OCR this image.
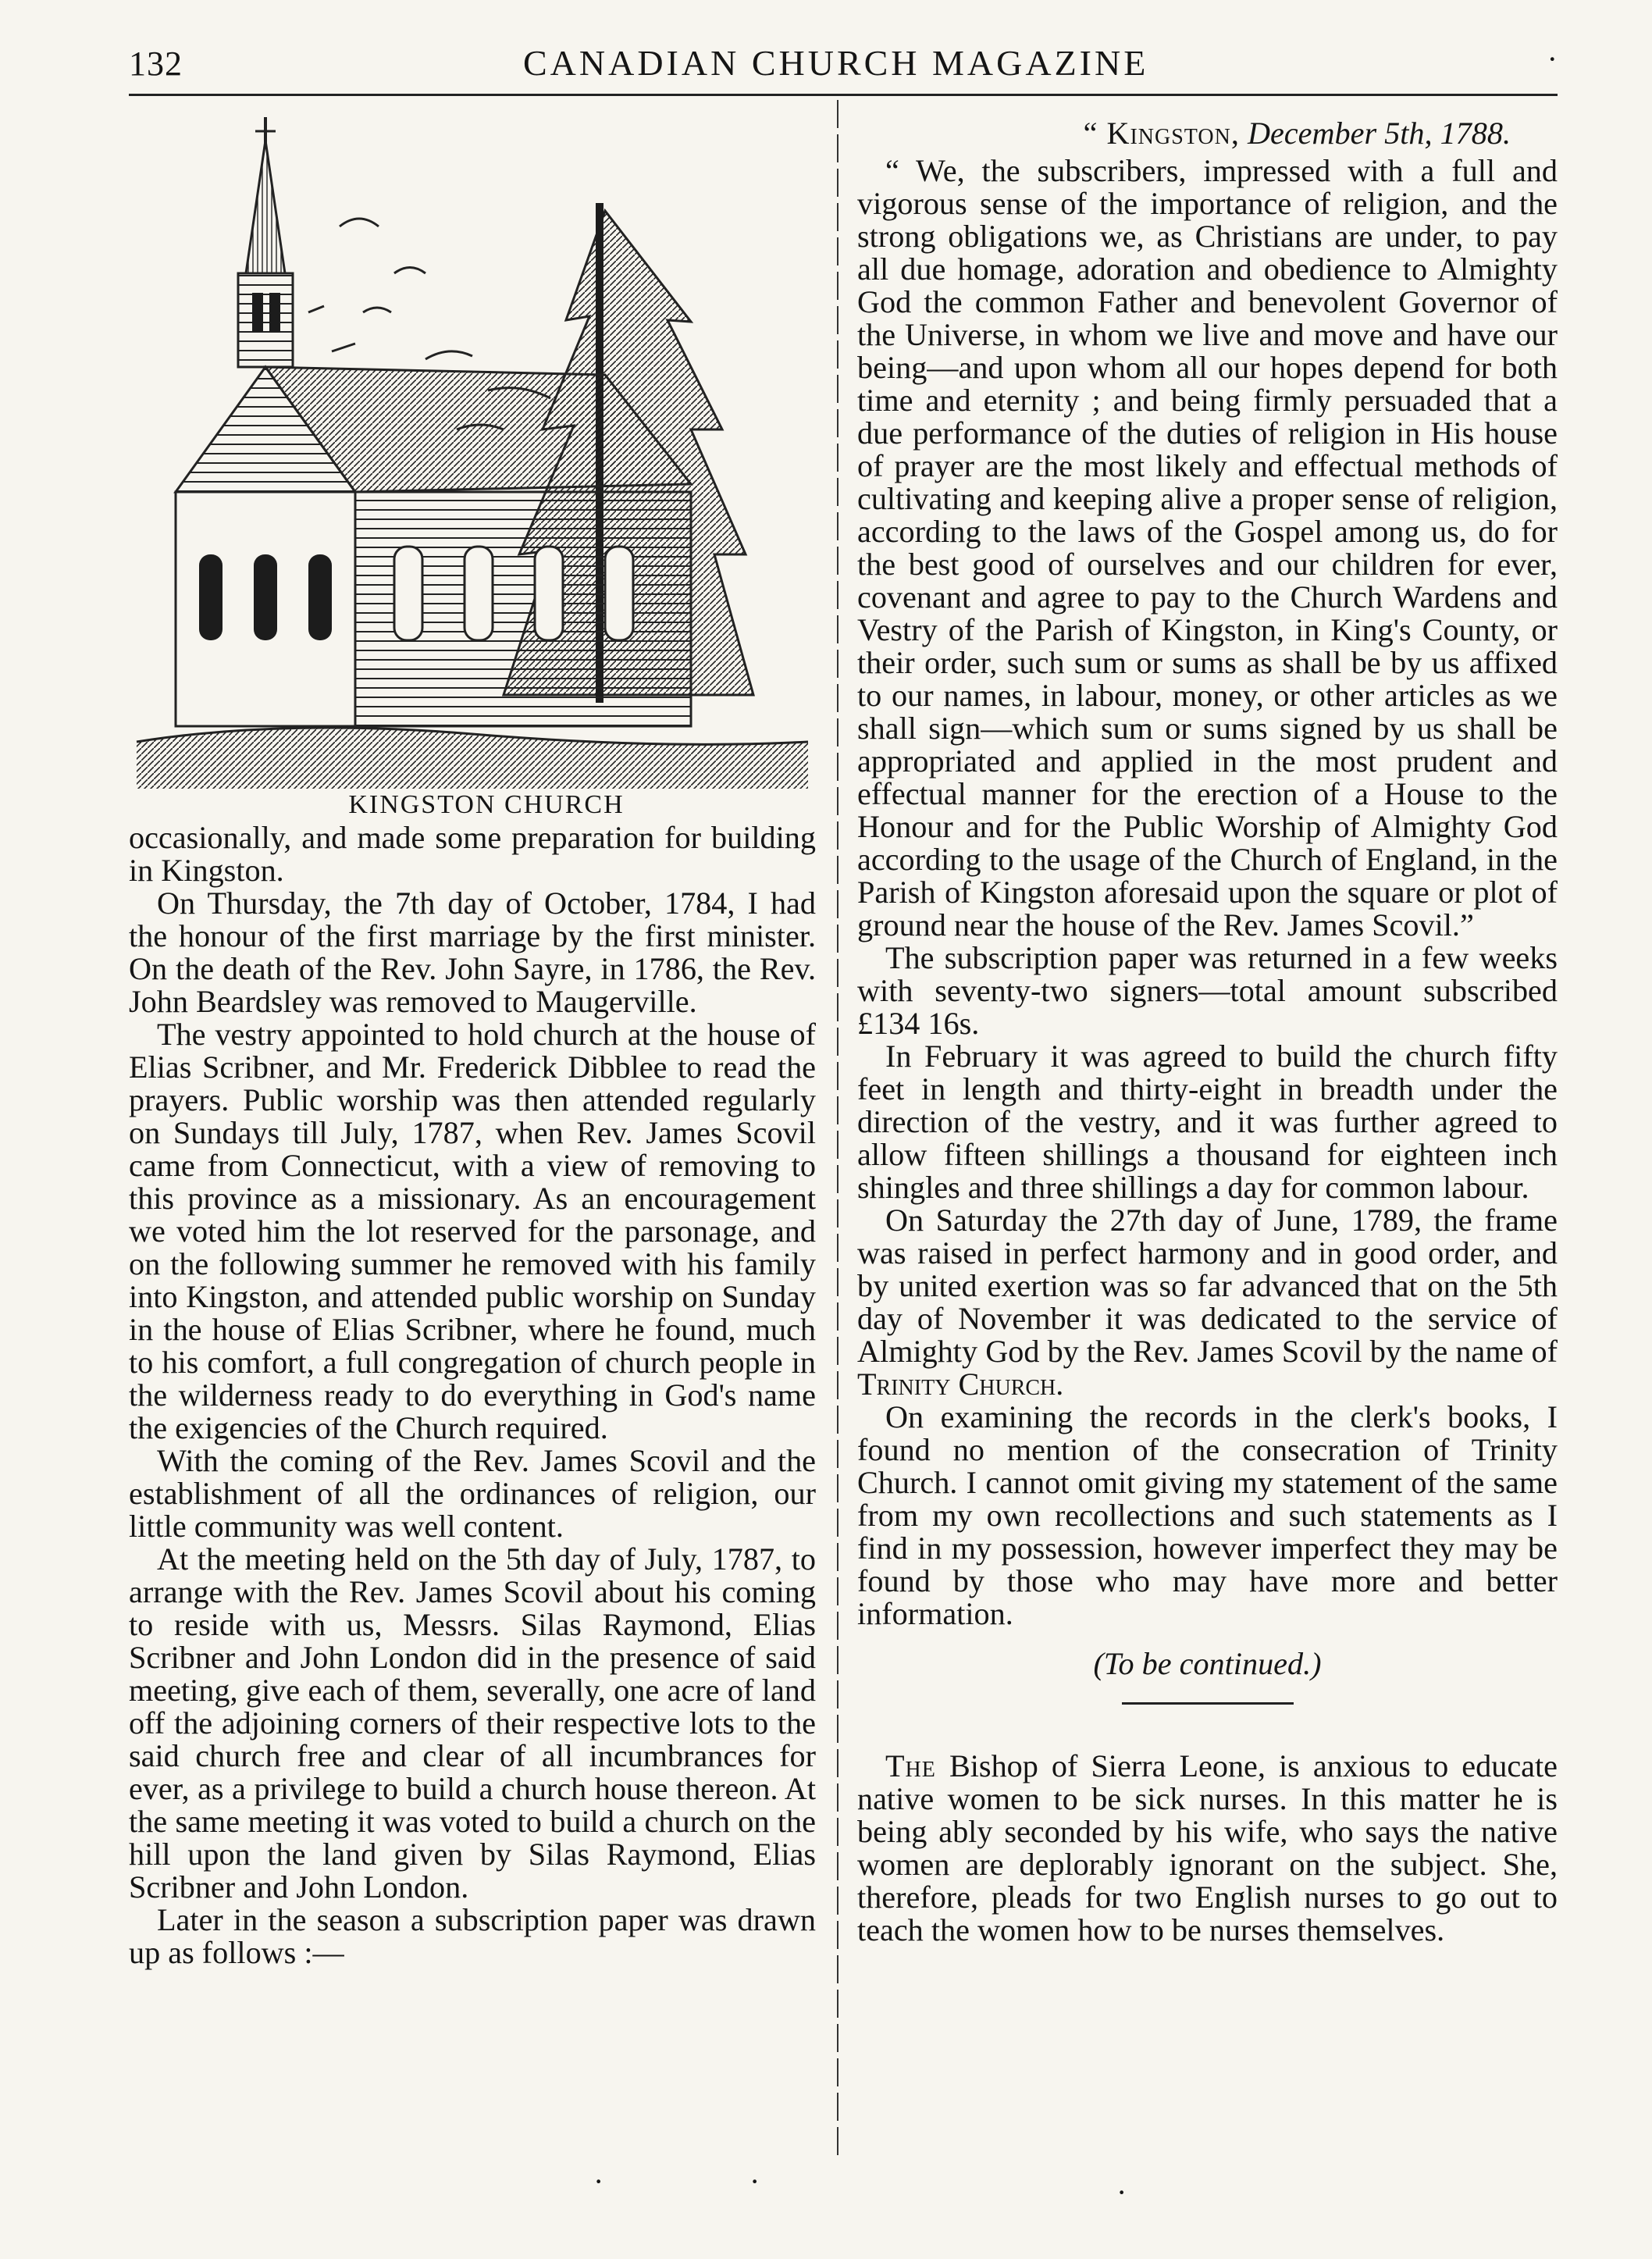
132	CANADIAN CHURCH MAGAZINE	·

KINGSTON CHURCH

occasionally, and made some preparation for building in Kingston.

On Thursday, the 7th day of October, 1784, I had the honour of the first marriage by the first minister. On the death of the Rev. John Sayre, in 1786, the Rev. John Beardsley was removed to Maugerville.

The vestry appointed to hold church at the house of Elias Scribner, and Mr. Frederick Dibblee to read the prayers. Public worship was then attended regularly on Sundays till July, 1787, when Rev. James Scovil came from Connecticut, with a view of removing to this province as a missionary. As an encouragement we voted him the lot reserved for the parsonage, and on the following summer he removed with his family into Kingston, and attended public worship on Sunday in the house of Elias Scribner, where he found, much to his comfort, a full congregation of church people in the wilderness ready to do everything in God's name the exigencies of the Church required.

With the coming of the Rev. James Scovil and the establishment of all the ordinances of religion, our little community was well content.

At the meeting held on the 5th day of July, 1787, to arrange with the Rev. James Scovil about his coming to reside with us, Messrs. Silas Raymond, Elias Scribner and John London did in the presence of said meeting, give each of them, severally, one acre of land off the adjoining corners of their respective lots to the said church free and clear of all incumbrances for ever, as a privilege to build a church house thereon. At the same meeting it was voted to build a church on the hill upon the land given by Silas Raymond, Elias Scribner and John London.

Later in the season a subscription paper was drawn up as follows :—

“ Kingston, December 5th, 1788.

“ We, the subscribers, impressed with a full and vigorous sense of the importance of religion, and the strong obligations we, as Christians are under, to pay all due homage, adoration and obedience to Almighty God the common Father and benevolent Governor of the Universe, in whom we live and move and have our being—and upon whom all our hopes depend for both time and eternity ; and being firmly persuaded that a due performance of the duties of religion in His house of prayer are the most likely and effectual methods of cultivating and keeping alive a proper sense of religion, according to the laws of the Gospel among us, do for the best good of ourselves and our children for ever, covenant and agree to pay to the Church Wardens and Vestry of the Parish of Kingston, in King's County, or their order, such sum or sums as shall be by us affixed to our names, in labour, money, or other articles as we shall sign—which sum or sums signed by us shall be appropriated and applied in the most prudent and effectual manner for the erection of a House to the Honour and for the Public Worship of Almighty God according to the usage of the Church of England, in the Parish of Kingston aforesaid upon the square or plot of ground near the house of the Rev. James Scovil.”

The subscription paper was returned in a few weeks with seventy-two signers—total amount subscribed £134 16s.

In February it was agreed to build the church fifty feet in length and thirty-eight in breadth under the direction of the vestry, and it was further agreed to allow fifteen shillings a thousand for eighteen inch shingles and three shillings a day for common labour.

On Saturday the 27th day of June, 1789, the frame was raised in perfect harmony and in good order, and by united exertion was so far advanced that on the 5th day of November it was dedicated to the service of Almighty God by the Rev. James Scovil by the name of Trinity Church.

On examining the records in the clerk's books, I found no mention of the consecration of Trinity Church. I cannot omit giving my statement of the same from my own recollections and such statements as I find in my possession, however imperfect they may be found by those who may have more and better information.

(To be continued.)

The Bishop of Sierra Leone, is anxious to educate native women to be sick nurses. In this matter he is being ably seconded by his wife, who says the native women are deplorably ignorant on the subject. She, therefore, pleads for two English nurses to go out to teach the women how to be nurses themselves.

·	·	·
